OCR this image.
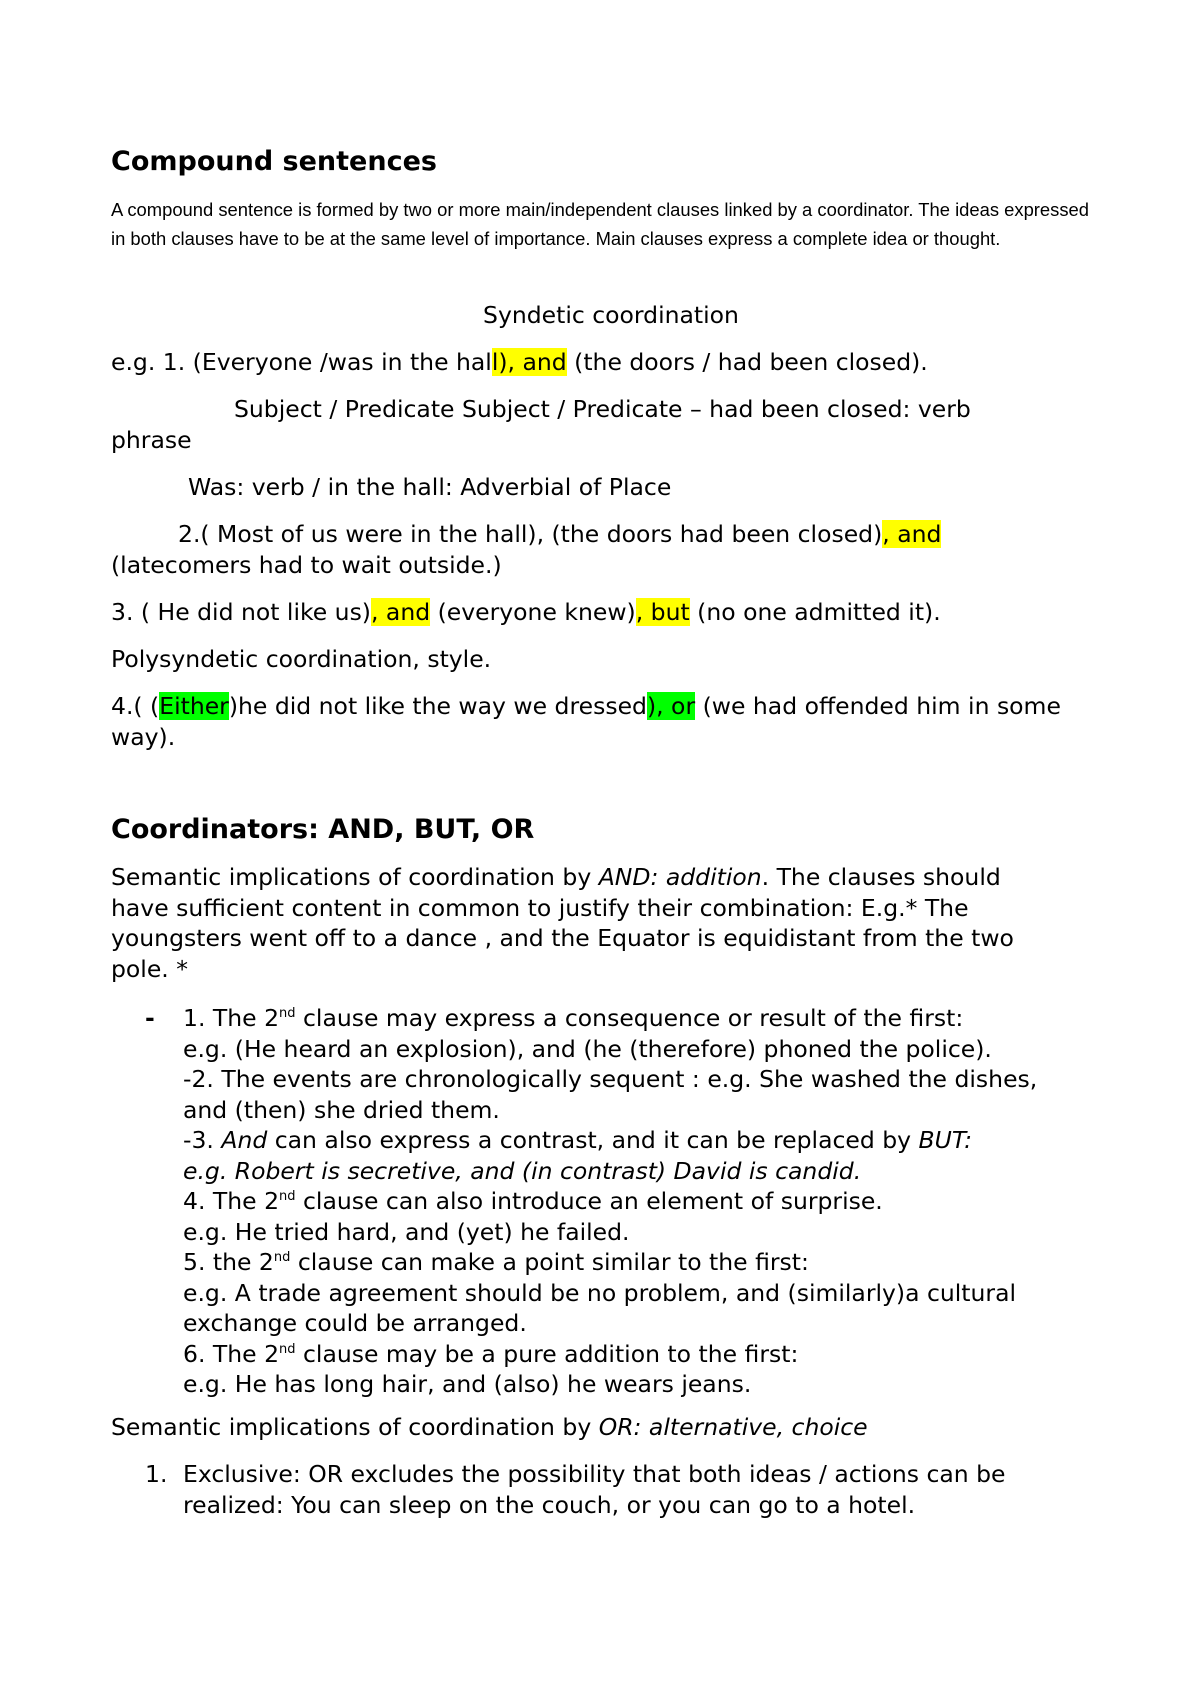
Compound sentences

A compound sentence is formed by two or more main/independent clauses linked by a coordinator. The ideas expressed in both clauses have to be at the same level of importance. Main clauses express a complete idea or thought.

Syndetic coordination

e.g. 1. (Everyone /was in the hall), and (the doors / had been closed).

Subject / Predicate Subject / Predicate – had been closed: verb

phrase

Was: verb / in the hall: Adverbial of Place

2.( Most of us were in the hall), (the doors had been closed), and

(latecomers had to wait outside.)

3. ( He did not like us), and (everyone knew), but (no one admitted it).

Polysyndetic coordination, style.

4.( (Either)he did not like the way we dressed), or (we had offended him in some

way).

Coordinators: AND, BUT, OR

Semantic implications of coordination by AND: addition. The clauses should
have sufficient content in common to justify their combination: E.g.* The
youngsters went off to a dance , and the Equator is equidistant from the two
pole. *
- 1. The 2nd clause may express a consequence or result of the first:
e.g. (He heard an explosion), and (he (therefore) phoned the police).
-2. The events are chronologically sequent : e.g. She washed the dishes,
and (then) she dried them.
-3. And can also express a contrast, and it can be replaced by BUT:
e.g. Robert is secretive, and (in contrast) David is candid.
4. The 2nd clause can also introduce an element of surprise.
e.g. He tried hard, and (yet) he failed.
5. the 2nd clause can make a point similar to the first:
e.g. A trade agreement should be no problem, and (similarly)a cultural
exchange could be arranged.
6. The 2nd clause may be a pure addition to the first:
e.g. He has long hair, and (also) he wears jeans.

Semantic implications of coordination by OR: alternative, choice

1. Exclusive: OR excludes the possibility that both ideas / actions can be
realized: You can sleep on the couch, or you can go to a hotel.
